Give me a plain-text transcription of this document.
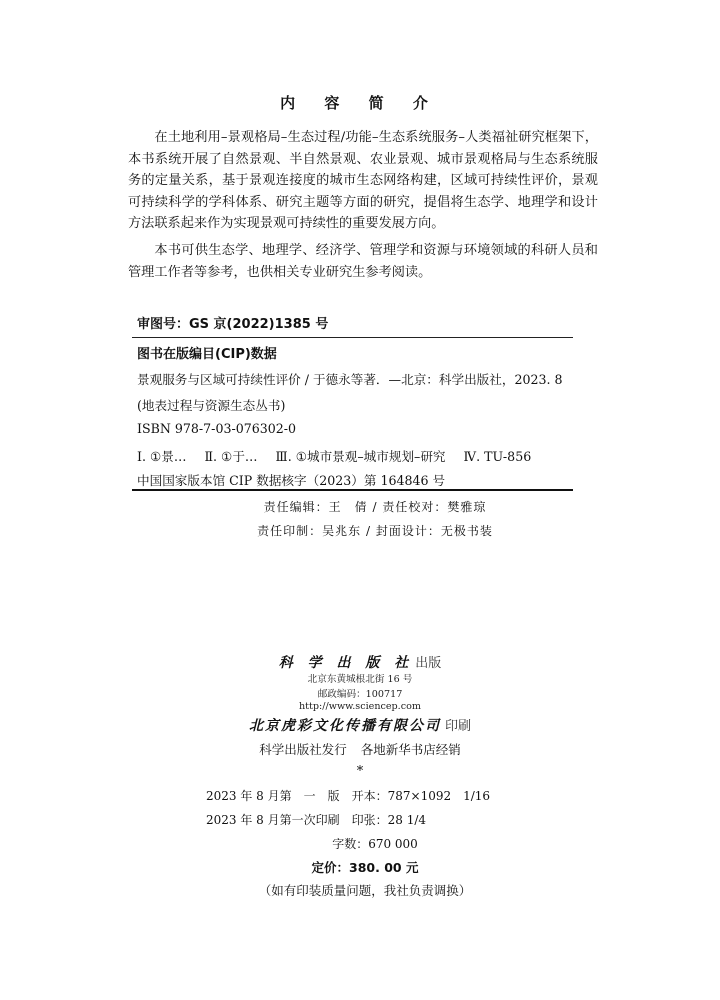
内 容 简 介

在土地利用–景观格局–生态过程/功能–生态系统服务–人类福祉研究框架下，本书系统开展了自然景观、半自然景观、农业景观、城市景观格局与生态系统服务的定量关系，基于景观连接度的城市生态网络构建，区域可持续性评价，景观可持续科学的学科体系、研究主题等方面的研究，提倡将生态学、地理学和设计方法联系起来作为实现景观可持续性的重要发展方向。

本书可供生态学、地理学、经济学、管理学和资源与环境领域的科研人员和管理工作者等参考，也供相关专业研究生参考阅读。

审图号：GS 京(2022)1385 号
图书在版编目(CIP)数据
景观服务与区域可持续性评价 / 于德永等著．—北京：科学出版社，2023. 8
(地表过程与资源生态丛书)
ISBN 978-7-03-076302-0
Ⅰ. ①景… Ⅱ. ①于… Ⅲ. ①城市景观–城市规划–研究 Ⅳ. TU-856
中国国家版本馆 CIP 数据核字（2023）第 164846 号
责任编辑：王　倩 / 责任校对：樊雅琼
责任印制：吴兆东 / 封面设计：无极书装
科 学 出 版 社 出版
北京东黄城根北街 16 号
邮政编码：100717
http://www.sciencep.com
北京虎彩文化传播有限公司 印刷
科学出版社发行 各地新华书店经销
*
2023 年 8 月第　一　版　开本：787×1092　1/16
2023 年 8 月第一次印刷　印张：28 1/4
字数：670 000
定价：380. 00 元
（如有印装质量问题，我社负责调换）
